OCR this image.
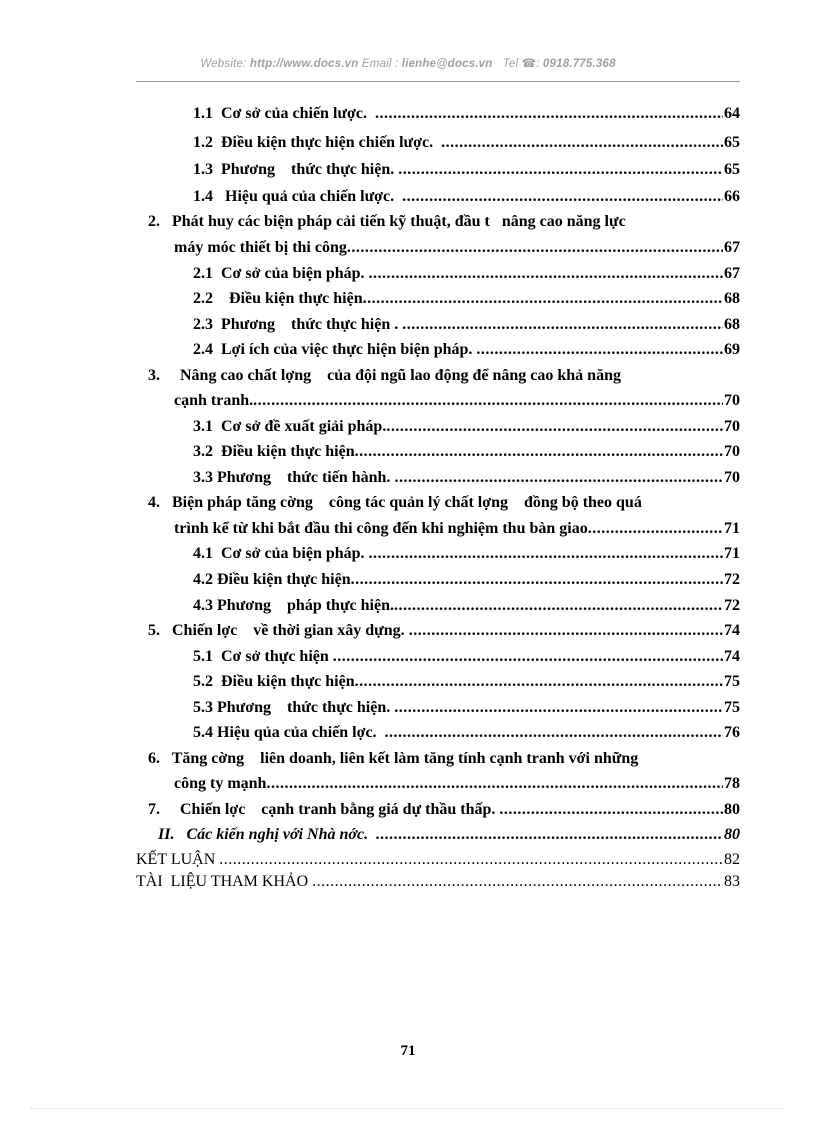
Website: http://www.docs.vn Email : lienhe@docs.vn   Tel ☎: 0918.775.368
1.1  Cơ sở của chiến lược. .....	64
1.2  Điều kiện thực hiện chiến lược. .....	65
1.3  Phương    thức thực hiện. .....	65
1.4   Hiệu quả của chiến lược. .....	66
2.   Phát huy các biện pháp cải tiến kỹ thuật, đầu t   nâng cao năng lực
máy móc thiết bị thi công .....	67
2.1  Cơ sở của biện pháp. .....	67
2.2    Điều kiện thực hiện .....	68
2.3  Phương    thức thực hiện . .....	68
2.4  Lợi ích của việc thực hiện biện pháp. .....	69
3.     Nâng cao chất lợng    của đội ngũ lao động để nâng cao khả năng
cạnh tranh. .....	70
3.1  Cơ sở đề xuất giải pháp. .....	70
3.2  Điều kiện thực hiện .....	70
3.3 Phương    thức tiến hành. .....	70
4.   Biện pháp tăng cờng    công tác quản lý chất lợng    đồng bộ theo quá
trình kể từ khi bắt đầu thi công đến khi nghiệm thu bàn giao .....	71
4.1  Cơ sở của biện pháp. .....	71
4.2 Điều kiện thực hiện .....	72
4.3 Phương    pháp thực hiện. .....	72
5.   Chiến lợc    về thời gian xây dựng. .....	74
5.1  Cơ sở thực hiện .....	74
5.2  Điều kiện thực hiện .....	75
5.3 Phương    thức thực hiện. .....	75
5.4 Hiệu qủa của chiến lợc. .....	76
6.   Tăng cờng    liên doanh, liên kết làm tăng tính cạnh tranh với những
công ty mạnh .....	78
7.     Chiến lợc    cạnh tranh bằng giá dự thầu thấp. .....	80
II.   Các kiến nghị với Nhà nớc. .....	80
KẾT LUẬN .....	82
TÀI  LIỆU THAM KHẢO .....	83
71
